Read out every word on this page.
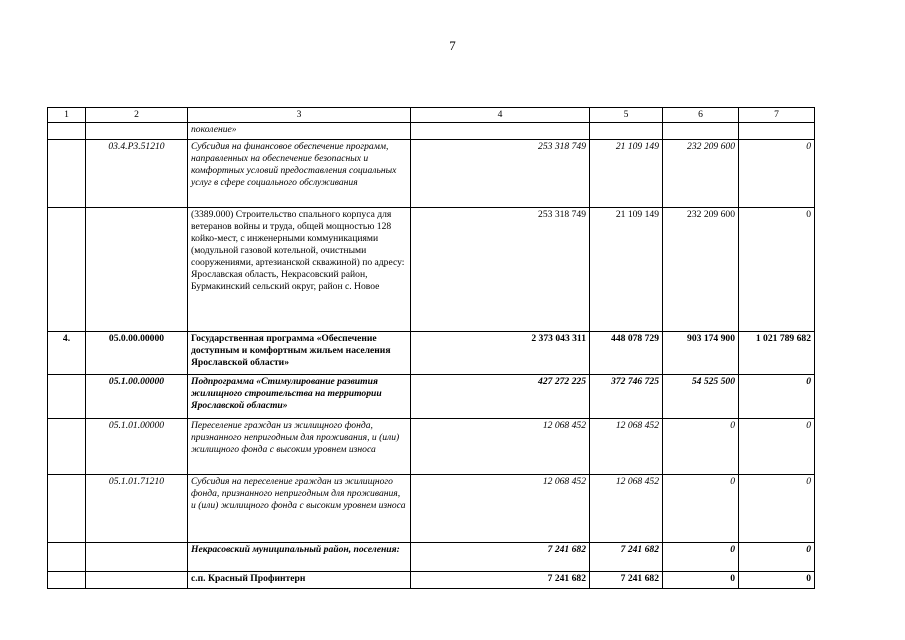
7
1	2	3	4	5	6	7
		поколение»				
	03.4.Р3.51210	Субсидия на финансовое обеспечение программ, направленных на обеспечение безопасных и комфортных условий предоставления социальных услуг в сфере социального обслуживания	253 318 749	21 109 149	232 209 600	0
		(3389.000) Строительство спального корпуса для ветеранов войны и труда, общей мощностью 128 койко-мест, с инженерными коммуникациями (модульной газовой котельной, очистными сооружениями, артезианской скважиной) по адресу: Ярославская область, Некрасовский район, Бурмакинский сельский округ, район с. Новое	253 318 749	21 109 149	232 209 600	0
4.	05.0.00.00000	Государственная программа «Обеспечение доступным и комфортным жильем населения Ярославской области»	2 373 043 311	448 078 729	903 174 900	1 021 789 682
	05.1.00.00000	Подпрограмма «Стимулирование развития жилищного строительства на территории Ярославской области»	427 272 225	372 746 725	54 525 500	0
	05.1.01.00000	Переселение граждан из жилищного фонда, признанного непригодным для проживания, и (или) жилищного фонда с высоким уровнем износа	12 068 452	12 068 452	0	0
	05.1.01.71210	Субсидия на переселение граждан из жилищного фонда, признанного непригодным для проживания, и (или) жилищного фонда с высоким уровнем износа	12 068 452	12 068 452	0	0
		Некрасовский муниципальный район, поселения:	7 241 682	7 241 682	0	0
		с.п. Красный Профинтерн	7 241 682	7 241 682	0	0
